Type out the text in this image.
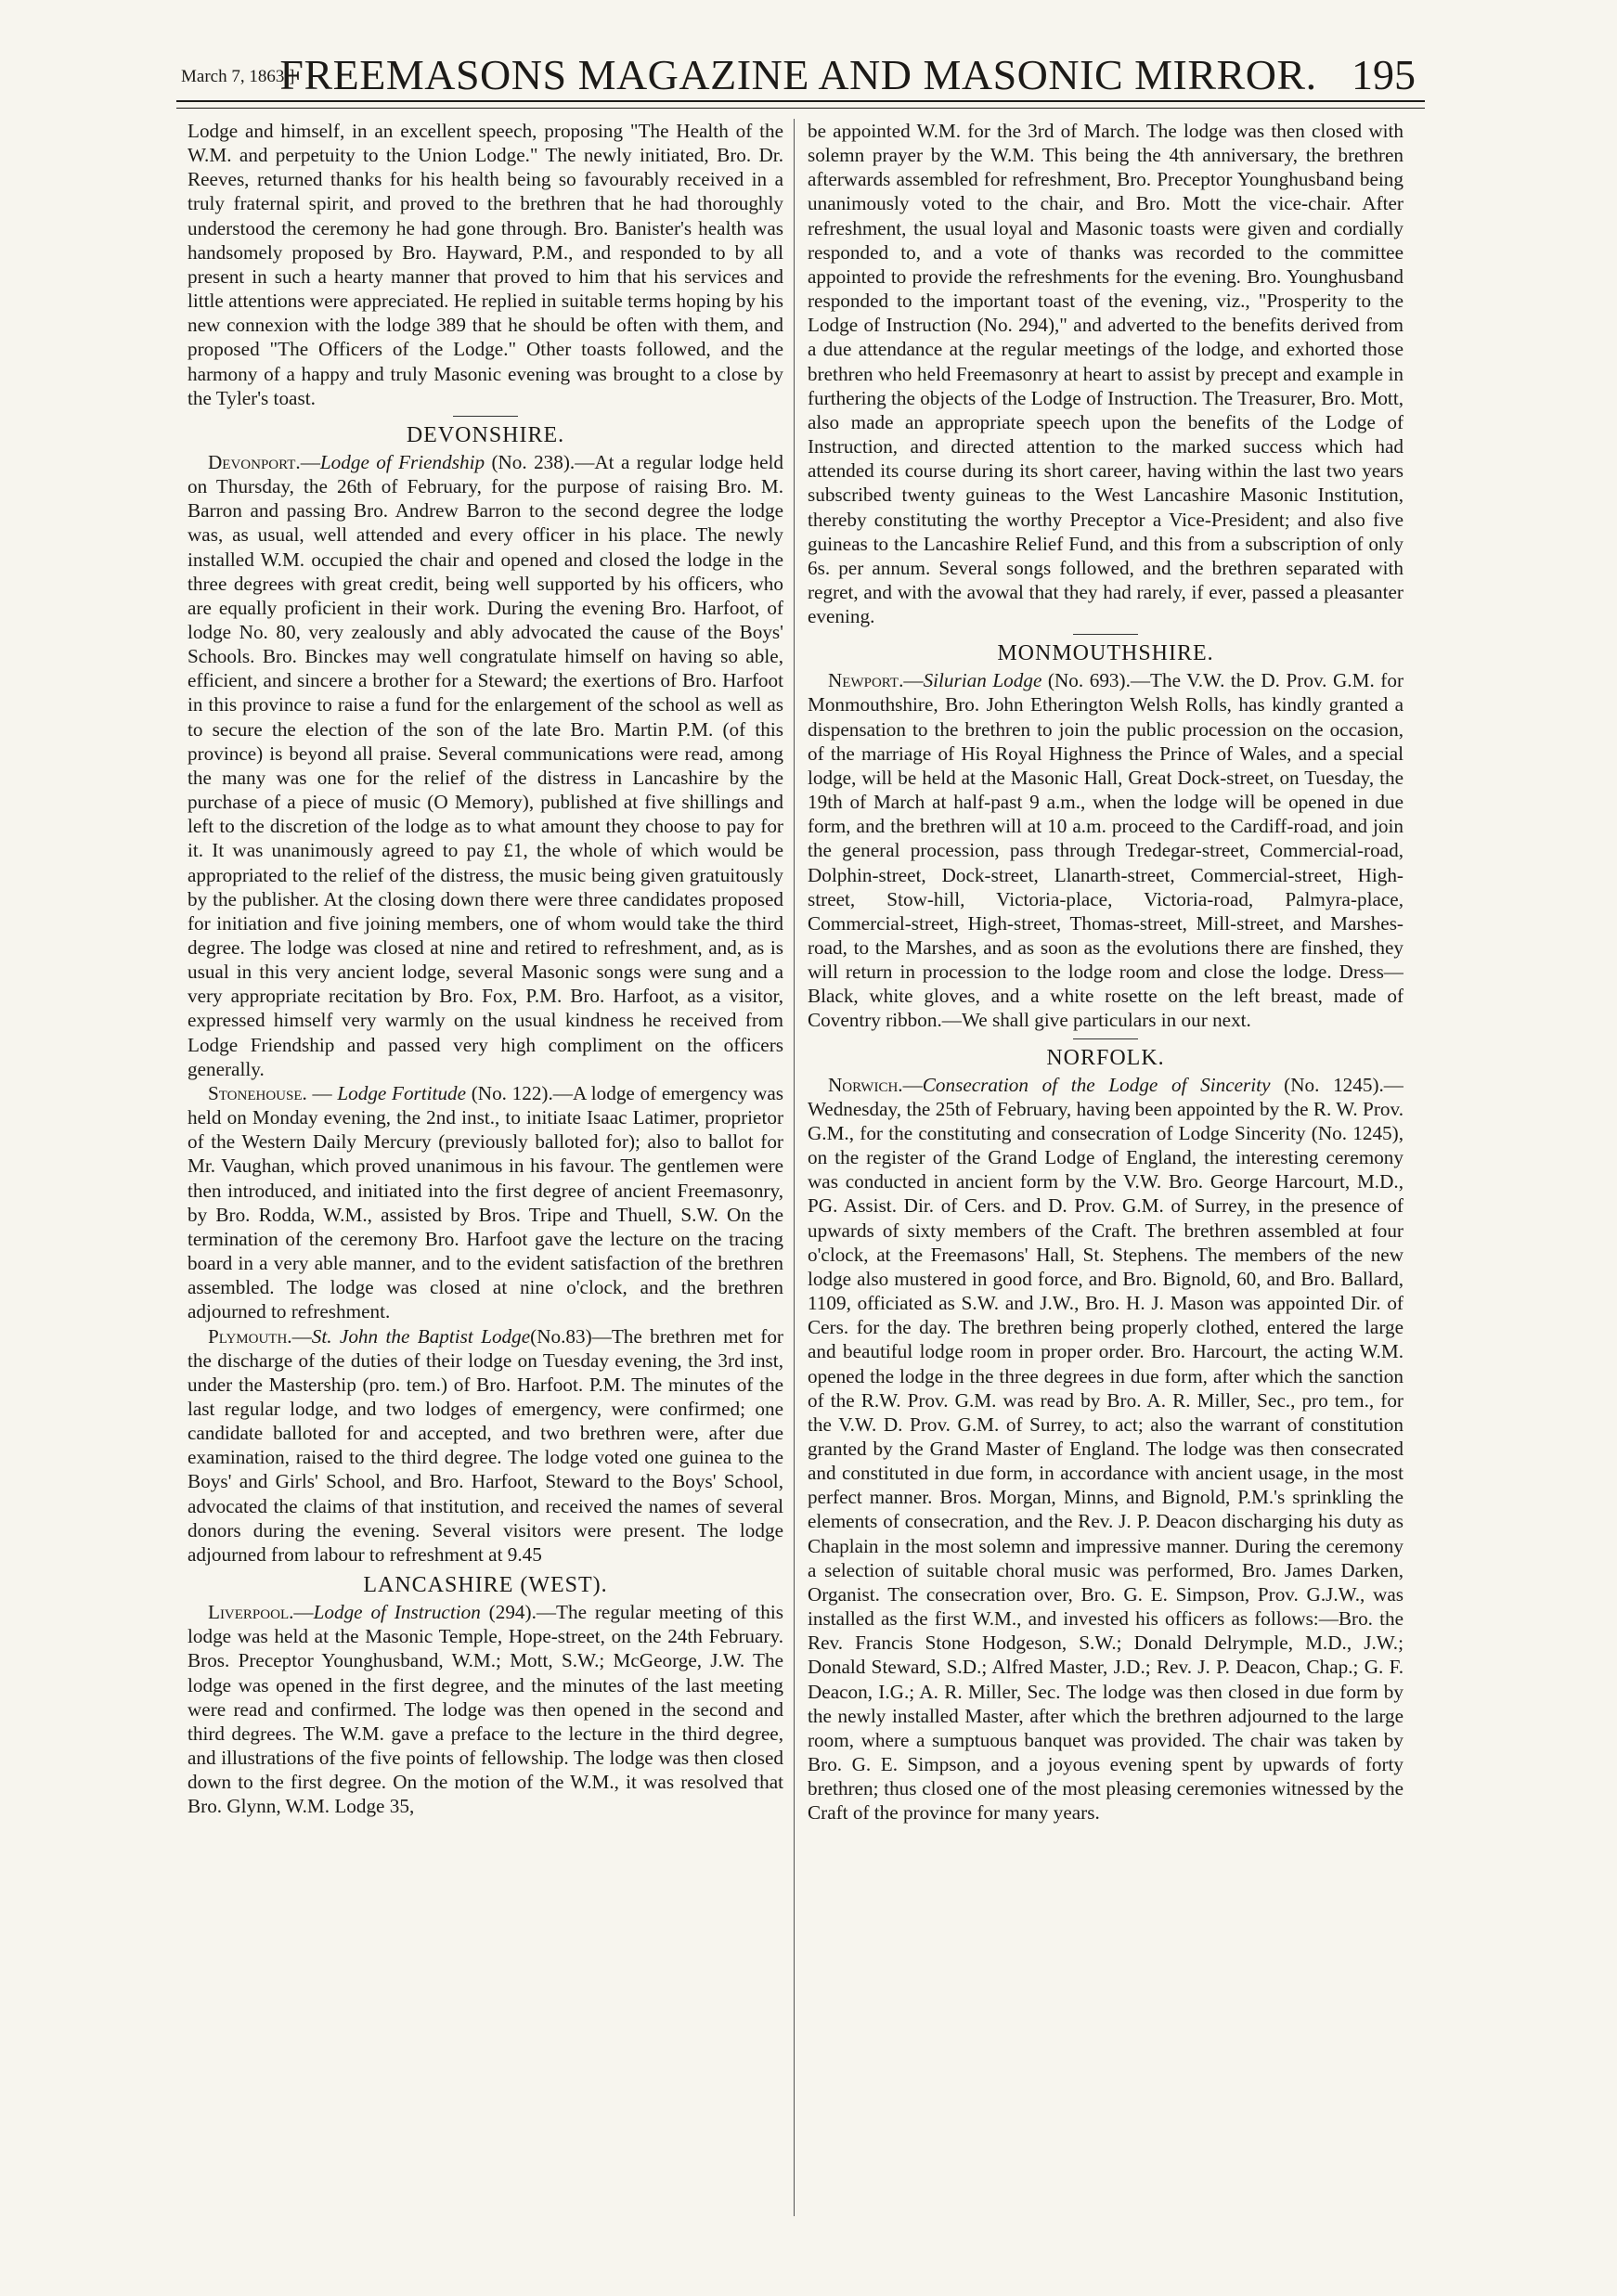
March 7, 1863.]
FREEMASONS MAGAZINE AND MASONIC MIRROR. 195

Lodge and himself, in an excellent speech, proposing "The Health of the W.M. and perpetuity to the Union Lodge." The newly initiated, Bro. Dr. Reeves, returned thanks for his health being so favourably received in a truly fraternal spirit, and proved to the brethren that he had thoroughly understood the ceremony he had gone through. Bro. Banister's health was handsomely proposed by Bro. Hayward, P.M., and responded to by all present in such a hearty manner that proved to him that his services and little attentions were appreciated. He replied in suitable terms hoping by his new connexion with the lodge 389 that he should be often with them, and proposed "The Officers of the Lodge." Other toasts followed, and the harmony of a happy and truly Masonic evening was brought to a close by the Tyler's toast.

DEVONSHIRE.

Devonport.—Lodge of Friendship (No. 238).—At a regular lodge held on Thursday, the 26th of February, for the purpose of raising Bro. M. Barron and passing Bro. Andrew Barron to the second degree the lodge was, as usual, well attended and every officer in his place. The newly installed W.M. occupied the chair and opened and closed the lodge in the three degrees with great credit, being well supported by his officers, who are equally proficient in their work. During the evening Bro. Harfoot, of lodge No. 80, very zealously and ably advocated the cause of the Boys' Schools. Bro. Binckes may well congratulate himself on having so able, efficient, and sincere a brother for a Steward; the exertions of Bro. Harfoot in this province to raise a fund for the enlargement of the school as well as to secure the election of the son of the late Bro. Martin P.M. (of this province) is beyond all praise. Several communications were read, among the many was one for the relief of the distress in Lancashire by the purchase of a piece of music (O Memory), published at five shillings and left to the discretion of the lodge as to what amount they choose to pay for it. It was unanimously agreed to pay £1, the whole of which would be appropriated to the relief of the distress, the music being given gratuitously by the publisher. At the closing down there were three candidates proposed for initiation and five joining members, one of whom would take the third degree. The lodge was closed at nine and retired to refreshment, and, as is usual in this very ancient lodge, several Masonic songs were sung and a very appropriate recitation by Bro. Fox, P.M. Bro. Harfoot, as a visitor, expressed himself very warmly on the usual kindness he received from Lodge Friendship and passed very high compliment on the officers generally.

Stonehouse. — Lodge Fortitude (No. 122).—A lodge of emergency was held on Monday evening, the 2nd inst., to initiate Isaac Latimer, proprietor of the Western Daily Mercury (previously balloted for); also to ballot for Mr. Vaughan, which proved unanimous in his favour. The gentlemen were then introduced, and initiated into the first degree of ancient Freemasonry, by Bro. Rodda, W.M., assisted by Bros. Tripe and Thuell, S.W. On the termination of the ceremony Bro. Harfoot gave the lecture on the tracing board in a very able manner, and to the evident satisfaction of the brethren assembled. The lodge was closed at nine o'clock, and the brethren adjourned to refreshment.

Plymouth.—St. John the Baptist Lodge(No.83)—The brethren met for the discharge of the duties of their lodge on Tuesday evening, the 3rd inst, under the Mastership (pro. tem.) of Bro. Harfoot. P.M. The minutes of the last regular lodge, and two lodges of emergency, were confirmed; one candidate balloted for and accepted, and two brethren were, after due examination, raised to the third degree. The lodge voted one guinea to the Boys' and Girls' School, and Bro. Harfoot, Steward to the Boys' School, advocated the claims of that institution, and received the names of several donors during the evening. Several visitors were present. The lodge adjourned from labour to refreshment at 9.45

LANCASHIRE (WEST).

Liverpool.—Lodge of Instruction (294).—The regular meeting of this lodge was held at the Masonic Temple, Hope-street, on the 24th February. Bros. Preceptor Younghusband, W.M.; Mott, S.W.; McGeorge, J.W. The lodge was opened in the first degree, and the minutes of the last meeting were read and confirmed. The lodge was then opened in the second and third degrees. The W.M. gave a preface to the lecture in the third degree, and illustrations of the five points of fellowship. The lodge was then closed down to the first degree. On the motion of the W.M., it was resolved that Bro. Glynn, W.M. Lodge 35,

be appointed W.M. for the 3rd of March. The lodge was then closed with solemn prayer by the W.M. This being the 4th anniversary, the brethren afterwards assembled for refreshment, Bro. Preceptor Younghusband being unanimously voted to the chair, and Bro. Mott the vice-chair. After refreshment, the usual loyal and Masonic toasts were given and cordially responded to, and a vote of thanks was recorded to the committee appointed to provide the refreshments for the evening. Bro. Younghusband responded to the important toast of the evening, viz., "Prosperity to the Lodge of Instruction (No. 294)," and adverted to the benefits derived from a due attendance at the regular meetings of the lodge, and exhorted those brethren who held Freemasonry at heart to assist by precept and example in furthering the objects of the Lodge of Instruction. The Treasurer, Bro. Mott, also made an appropriate speech upon the benefits of the Lodge of Instruction, and directed attention to the marked success which had attended its course during its short career, having within the last two years subscribed twenty guineas to the West Lancashire Masonic Institution, thereby constituting the worthy Preceptor a Vice-President; and also five guineas to the Lancashire Relief Fund, and this from a subscription of only 6s. per annum. Several songs followed, and the brethren separated with regret, and with the avowal that they had rarely, if ever, passed a pleasanter evening.

MONMOUTHSHIRE.

Newport.—Silurian Lodge (No. 693).—The V.W. the D. Prov. G.M. for Monmouthshire, Bro. John Etherington Welsh Rolls, has kindly granted a dispensation to the brethren to join the public procession on the occasion, of the marriage of His Royal Highness the Prince of Wales, and a special lodge, will be held at the Masonic Hall, Great Dock-street, on Tuesday, the 19th of March at half-past 9 a.m., when the lodge will be opened in due form, and the brethren will at 10 a.m. proceed to the Cardiff-road, and join the general procession, pass through Tredegar-street, Commercial-road, Dolphin-street, Dock-street, Llanarth-street, Commercial-street, High-street, Stow-hill, Victoria-place, Victoria-road, Palmyra-place, Commercial-street, High-street, Thomas-street, Mill-street, and Marshes-road, to the Marshes, and as soon as the evolutions there are finshed, they will return in procession to the lodge room and close the lodge. Dress—Black, white gloves, and a white rosette on the left breast, made of Coventry ribbon.—We shall give particulars in our next.

NORFOLK.

Norwich.—Consecration of the Lodge of Sincerity (No. 1245).—Wednesday, the 25th of February, having been appointed by the R. W. Prov. G.M., for the constituting and consecration of Lodge Sincerity (No. 1245), on the register of the Grand Lodge of England, the interesting ceremony was conducted in ancient form by the V.W. Bro. George Harcourt, M.D., PG. Assist. Dir. of Cers. and D. Prov. G.M. of Surrey, in the presence of upwards of sixty members of the Craft. The brethren assembled at four o'clock, at the Freemasons' Hall, St. Stephens. The members of the new lodge also mustered in good force, and Bro. Bignold, 60, and Bro. Ballard, 1109, officiated as S.W. and J.W., Bro. H. J. Mason was appointed Dir. of Cers. for the day. The brethren being properly clothed, entered the large and beautiful lodge room in proper order. Bro. Harcourt, the acting W.M. opened the lodge in the three degrees in due form, after which the sanction of the R.W. Prov. G.M. was read by Bro. A. R. Miller, Sec., pro tem., for the V.W. D. Prov. G.M. of Surrey, to act; also the warrant of constitution granted by the Grand Master of England. The lodge was then consecrated and constituted in due form, in accordance with ancient usage, in the most perfect manner. Bros. Morgan, Minns, and Bignold, P.M.'s sprinkling the elements of consecration, and the Rev. J. P. Deacon discharging his duty as Chaplain in the most solemn and impressive manner. During the ceremony a selection of suitable choral music was performed, Bro. James Darken, Organist. The consecration over, Bro. G. E. Simpson, Prov. G.J.W., was installed as the first W.M., and invested his officers as follows:—Bro. the Rev. Francis Stone Hodgeson, S.W.; Donald Delrymple, M.D., J.W.; Donald Steward, S.D.; Alfred Master, J.D.; Rev. J. P. Deacon, Chap.; G. F. Deacon, I.G.; A. R. Miller, Sec. The lodge was then closed in due form by the newly installed Master, after which the brethren adjourned to the large room, where a sumptuous banquet was provided. The chair was taken by Bro. G. E. Simpson, and a joyous evening spent by upwards of forty brethren; thus closed one of the most pleasing ceremonies witnessed by the Craft of the province for many years.
